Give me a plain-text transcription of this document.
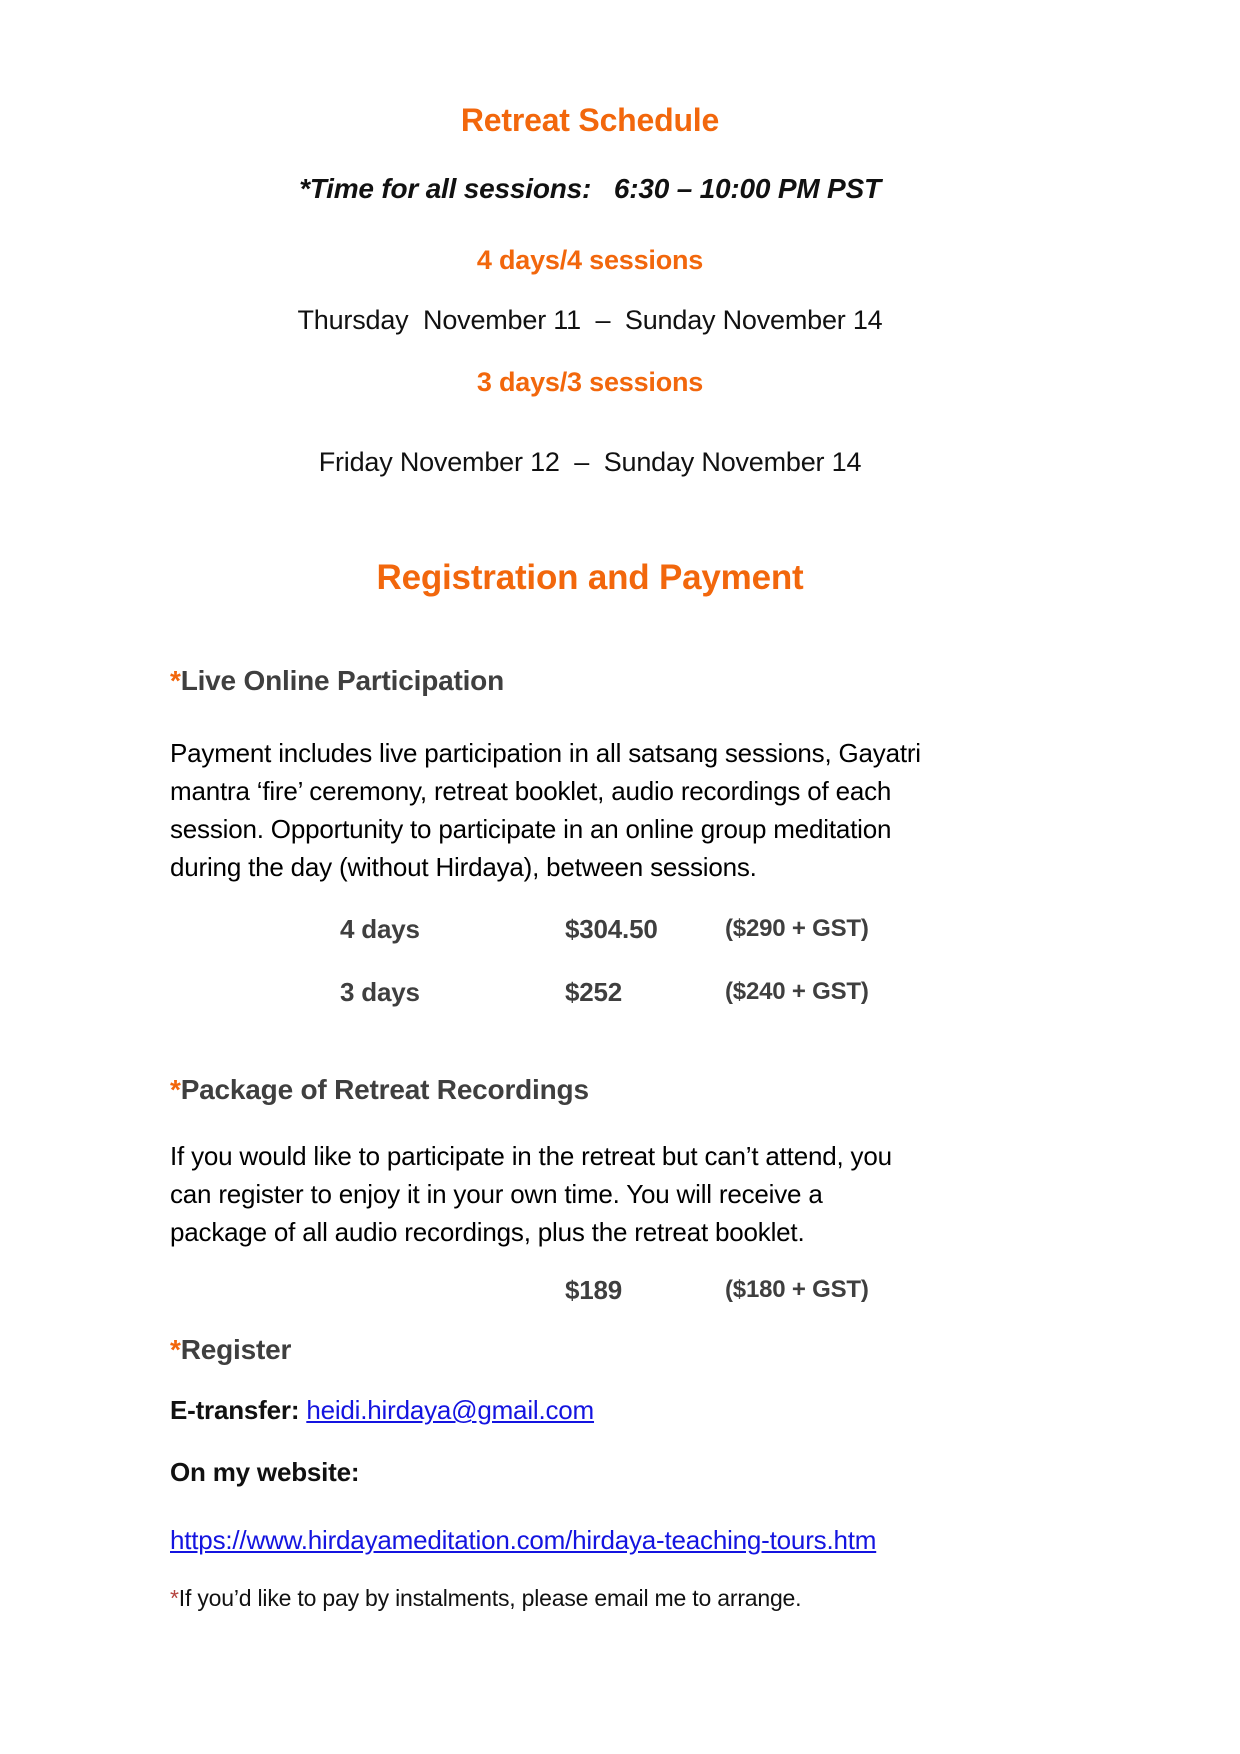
Retreat Schedule
*Time for all sessions:   6:30 – 10:00 PM PST
4 days/4 sessions
Thursday  November 11  –  Sunday November 14
3 days/3 sessions
Friday November 12  –  Sunday November 14
Registration and Payment
*Live Online Participation
Payment includes live participation in all satsang sessions, Gayatri
mantra ‘fire’ ceremony, retreat booklet, audio recordings of each
session. Opportunity to participate in an online group meditation
during the day (without Hirdaya), between sessions.
4 days	$304.50	($290 + GST)
3 days	$252	($240 + GST)
*Package of Retreat Recordings
If you would like to participate in the retreat but can’t attend, you
can register to enjoy it in your own time. You will receive a
package of all audio recordings, plus the retreat booklet.
$189	($180 + GST)
*Register
E-transfer: heidi.hirdaya@gmail.com
On my website:
https://www.hirdayameditation.com/hirdaya-teaching-tours.htm
*If you’d like to pay by instalments, please email me to arrange.
